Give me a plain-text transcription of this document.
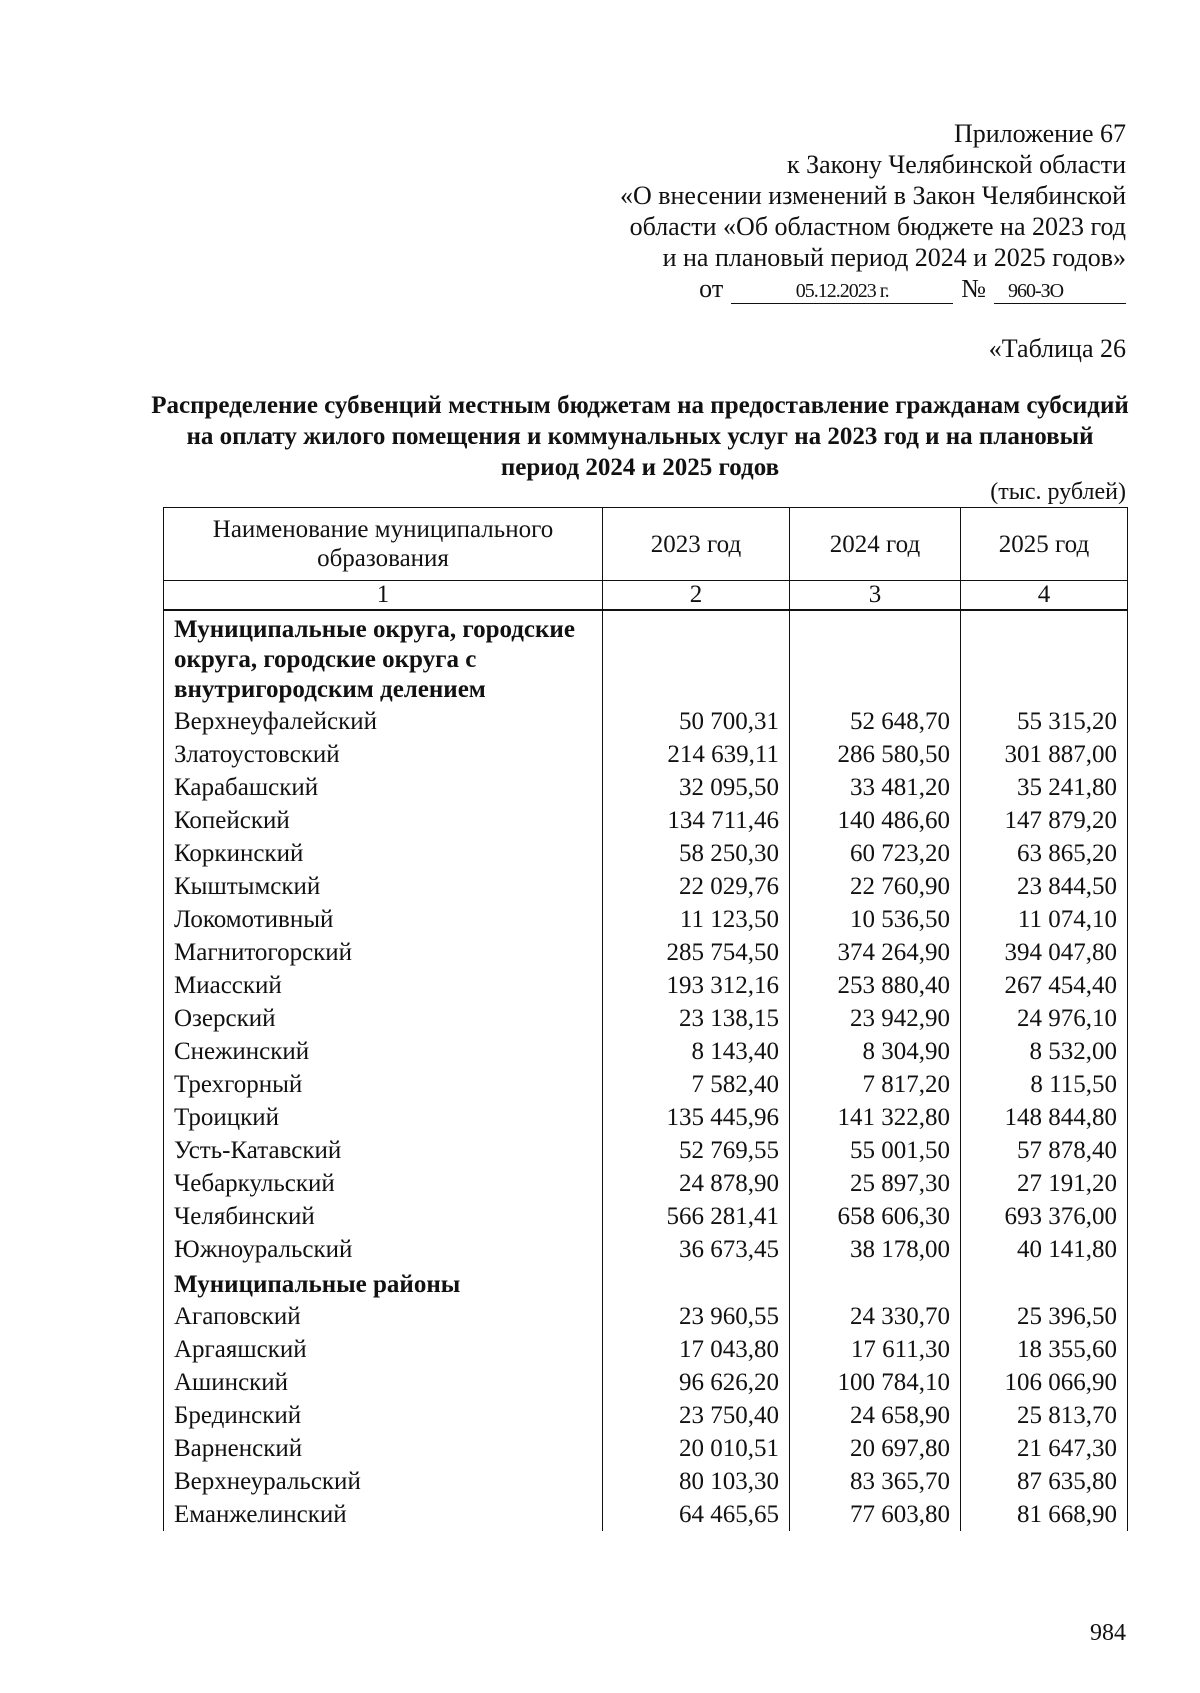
Приложение 67
к Закону Челябинской области
«О внесении изменений в Закон Челябинской
области «Об областном бюджете на 2023 год
и на плановый период 2024 и 2025 годов»
от	05.12.2023 г.	№	960-ЗО
«Таблица 26
Распределение субвенций местным бюджетам на предоставление гражданам субсидий на оплату жилого помещения и коммунальных услуг на 2023 год и на плановый период 2024 и 2025 годов
(тыс. рублей)
Наименование муниципального образования	2023 год	2024 год	2025 год
1	2	3	4
Муниципальные округа, городские округа, городские округа с внутригородским делением			
Верхнеуфалейский	50 700,31	52 648,70	55 315,20
Златоустовский	214 639,11	286 580,50	301 887,00
Карабашский	32 095,50	33 481,20	35 241,80
Копейский	134 711,46	140 486,60	147 879,20
Коркинский	58 250,30	60 723,20	63 865,20
Кыштымский	22 029,76	22 760,90	23 844,50
Локомотивный	11 123,50	10 536,50	11 074,10
Магнитогорский	285 754,50	374 264,90	394 047,80
Миасский	193 312,16	253 880,40	267 454,40
Озерский	23 138,15	23 942,90	24 976,10
Снежинский	8 143,40	8 304,90	8 532,00
Трехгорный	7 582,40	7 817,20	8 115,50
Троицкий	135 445,96	141 322,80	148 844,80
Усть-Катавский	52 769,55	55 001,50	57 878,40
Чебаркульский	24 878,90	25 897,30	27 191,20
Челябинский	566 281,41	658 606,30	693 376,00
Южноуральский	36 673,45	38 178,00	40 141,80
Муниципальные районы			
Агаповский	23 960,55	24 330,70	25 396,50
Аргаяшский	17 043,80	17 611,30	18 355,60
Ашинский	96 626,20	100 784,10	106 066,90
Брединский	23 750,40	24 658,90	25 813,70
Варненский	20 010,51	20 697,80	21 647,30
Верхнеуральский	80 103,30	83 365,70	87 635,80
Еманжелинский	64 465,65	77 603,80	81 668,90
984
